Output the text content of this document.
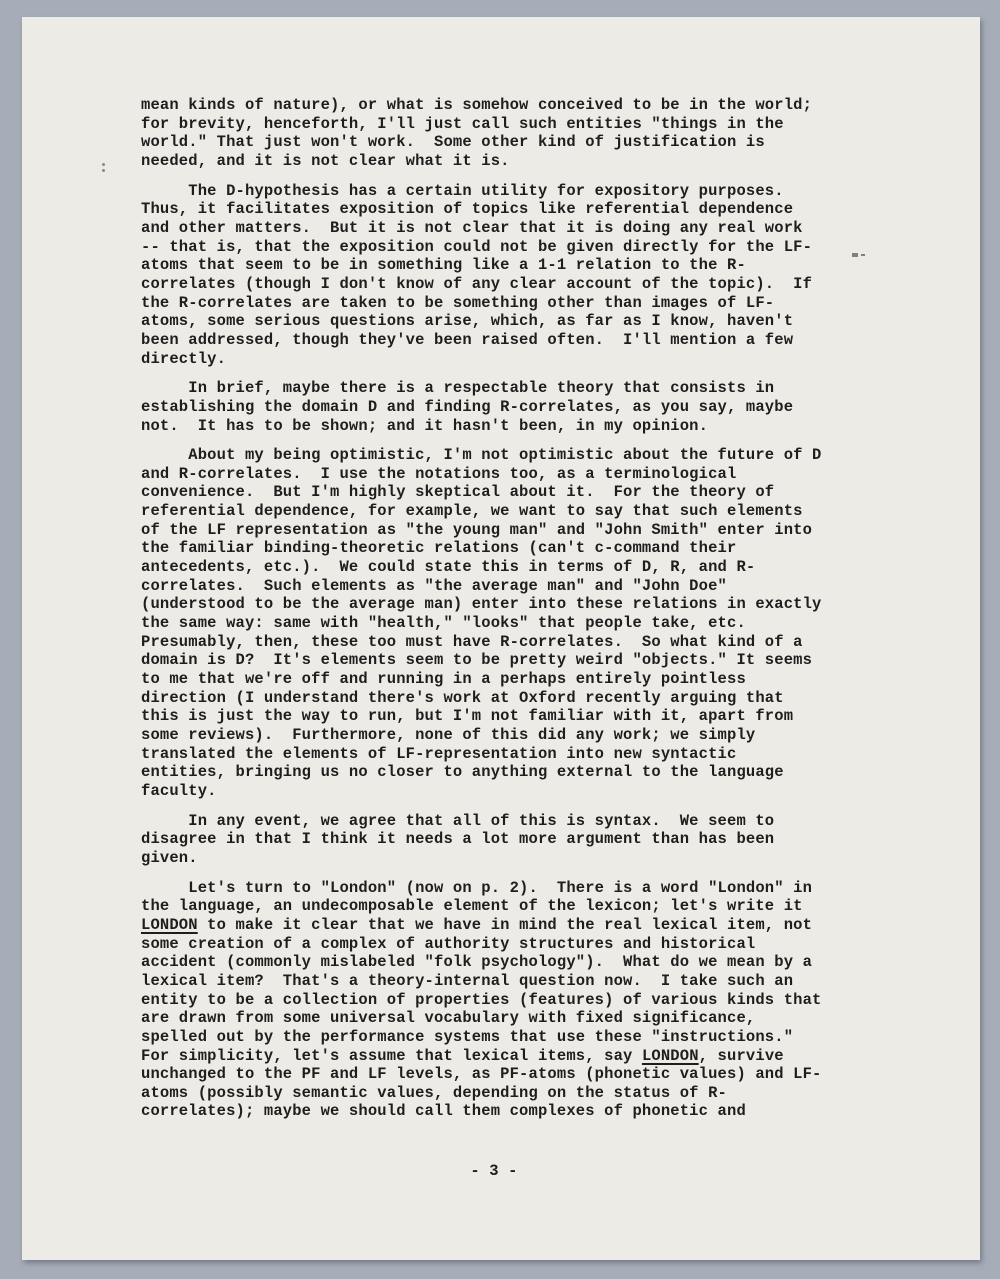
mean kinds of nature), or what is somehow conceived to be in the world;
for brevity, henceforth, I'll just call such entities "things in the
world." That just won't work.  Some other kind of justification is
needed, and it is not clear what it is.
The D-hypothesis has a certain utility for expository purposes.
Thus, it facilitates exposition of topics like referential dependence
and other matters.  But it is not clear that it is doing any real work
-- that is, that the exposition could not be given directly for the LF-
atoms that seem to be in something like a 1-1 relation to the R-
correlates (though I don't know of any clear account of the topic).  If
the R-correlates are taken to be something other than images of LF-
atoms, some serious questions arise, which, as far as I know, haven't
been addressed, though they've been raised often.  I'll mention a few
directly.
In brief, maybe there is a respectable theory that consists in
establishing the domain D and finding R-correlates, as you say, maybe
not.  It has to be shown; and it hasn't been, in my opinion.
About my being optimistic, I'm not optimistic about the future of D
and R-correlates.  I use the notations too, as a terminological
convenience.  But I'm highly skeptical about it.  For the theory of
referential dependence, for example, we want to say that such elements
of the LF representation as "the young man" and "John Smith" enter into
the familiar binding-theoretic relations (can't c-command their
antecedents, etc.).  We could state this in terms of D, R, and R-
correlates.  Such elements as "the average man" and "John Doe"
(understood to be the average man) enter into these relations in exactly
the same way: same with "health," "looks" that people take, etc.
Presumably, then, these too must have R-correlates.  So what kind of a
domain is D?  It's elements seem to be pretty weird "objects." It seems
to me that we're off and running in a perhaps entirely pointless
direction (I understand there's work at Oxford recently arguing that
this is just the way to run, but I'm not familiar with it, apart from
some reviews).  Furthermore, none of this did any work; we simply
translated the elements of LF-representation into new syntactic
entities, bringing us no closer to anything external to the language
faculty.
In any event, we agree that all of this is syntax.  We seem to
disagree in that I think it needs a lot more argument than has been
given.
Let's turn to "London" (now on p. 2).  There is a word "London" in
the language, an undecomposable element of the lexicon; let's write it
LONDON to make it clear that we have in mind the real lexical item, not
some creation of a complex of authority structures and historical
accident (commonly mislabeled "folk psychology").  What do we mean by a
lexical item?  That's a theory-internal question now.  I take such an
entity to be a collection of properties (features) of various kinds that
are drawn from some universal vocabulary with fixed significance,
spelled out by the performance systems that use these "instructions."
For simplicity, let's assume that lexical items, say LONDON, survive
unchanged to the PF and LF levels, as PF-atoms (phonetic values) and LF-
atoms (possibly semantic values, depending on the status of R-
correlates); maybe we should call them complexes of phonetic and
- 3 -
